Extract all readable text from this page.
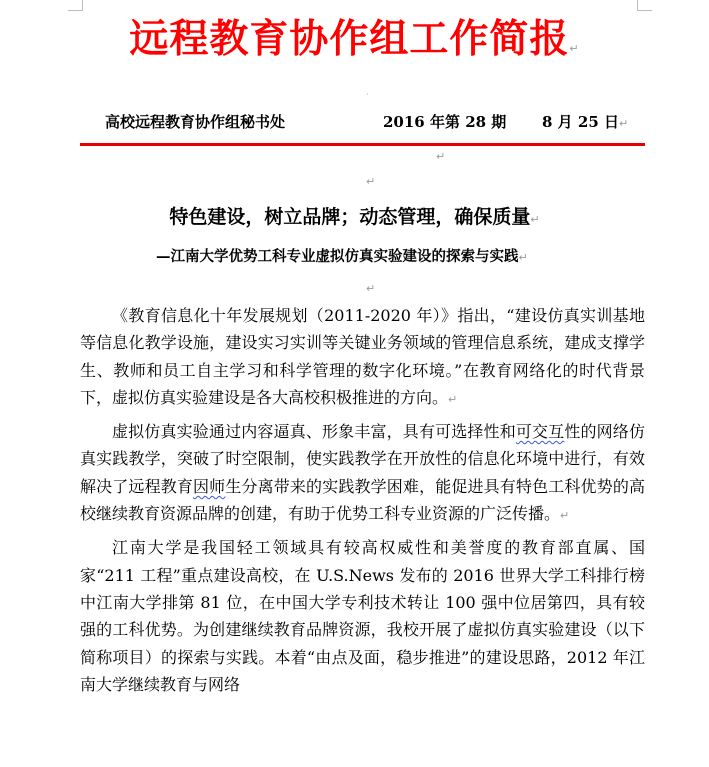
远程教育协作组工作简报↵
·
高校远程教育协作组秘书处	2016 年第 28 期 8 月 25 日↵
↵
↵
特色建设，树立品牌；动态管理，确保质量↵
—江南大学优势工科专业虚拟仿真实验建设的探索与实践↵
↵

《教育信息化十年发展规划（2011-2020 年）》指出，“建设仿真实训基地等信息化教学设施，建设实习实训等关键业务领域的管理信息系统，建成支撑学生、教师和员工自主学习和科学管理的数字化环境。”在教育网络化的时代背景下，虚拟仿真实验建设是各大高校积极推进的方向。↵

虚拟仿真实验通过内容逼真、形象丰富，具有可选择性和可交互性的网络仿真实践教学，突破了时空限制，使实践教学在开放性的信息化环境中进行，有效解决了远程教育因师生分离带来的实践教学困难，能促进具有特色工科优势的高校继续教育资源品牌的创建，有助于优势工科专业资源的广泛传播。↵

江南大学是我国轻工领域具有较高权威性和美誉度的教育部直属、国家“211 工程”重点建设高校，在 U.S.News 发布的 2016 世界大学工科排行榜中江南大学排第 81 位，在中国大学专利技术转让 100 强中位居第四，具有较强的工科优势。为创建继续教育品牌资源，我校开展了虚拟仿真实验建设（以下简称项目）的探索与实践。本着“由点及面，稳步推进”的建设思路，2012 年江南大学继续教育与网络
